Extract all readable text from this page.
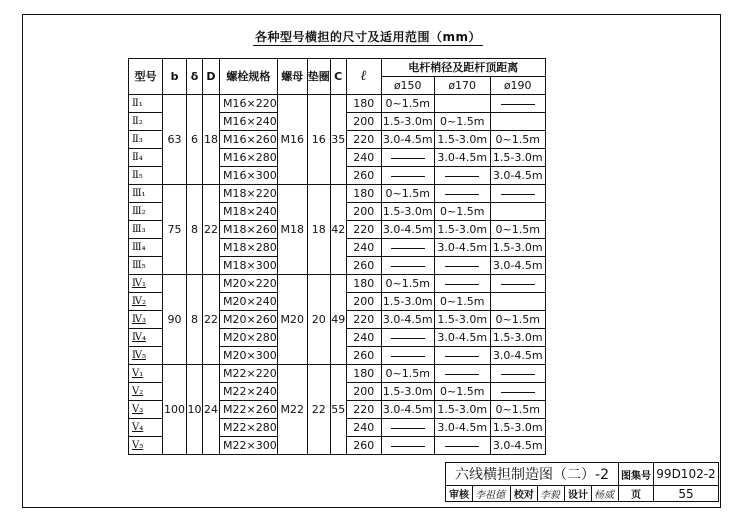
各种型号横担的尺寸及适用范围（mm）
型号	b	δ	D	螺栓规格	螺母	垫圈	C	ℓ	电杆梢径及距杆顶距离		
									ø150	ø170	ø190
Ⅱ₁	63	6	18	M16×220	M16	16	35	180	0~1.5m		
Ⅱ₂				M16×240				200	1.5-3.0m	0~1.5m	
Ⅱ₃				M16×260				220	3.0-4.5m	1.5-3.0m	0~1.5m
Ⅱ₄				M16×280				240		3.0-4.5m	1.5-3.0m
Ⅱ₅				M16×300				260			3.0-4.5m
Ⅲ₁	75	8	22	M18×220	M18	18	42	180	0~1.5m		
Ⅲ₂				M18×240				200	1.5-3.0m	0~1.5m	
Ⅲ₃				M18×260				220	3.0-4.5m	1.5-3.0m	0~1.5m
Ⅲ₄				M18×280				240		3.0-4.5m	1.5-3.0m
Ⅲ₅				M18×300				260			3.0-4.5m
Ⅳ₁	90	8	22	M20×220	M20	20	49	180	0~1.5m		
Ⅳ₂				M20×240				200	1.5-3.0m	0~1.5m	
Ⅳ₃				M20×260				220	3.0-4.5m	1.5-3.0m	0~1.5m
Ⅳ₄				M20×280				240		3.0-4.5m	1.5-3.0m
Ⅳ₅				M20×300				260			3.0-4.5m
Ⅴ₁	100	10	24	M22×220	M22	22	55	180	0~1.5m		
Ⅴ₂				M22×240				200	1.5-3.0m	0~1.5m	
Ⅴ₃				M22×260				220	3.0-4.5m	1.5-3.0m	0~1.5m
Ⅴ₄				M22×280				240		3.0-4.5m	1.5-3.0m
Ⅴ₅				M22×300				260			3.0-4.5m
六线横担制造图（二）-2						图集号	99D102-2
审核	李祖德	校对	李毅	设计	杨威	页	55
